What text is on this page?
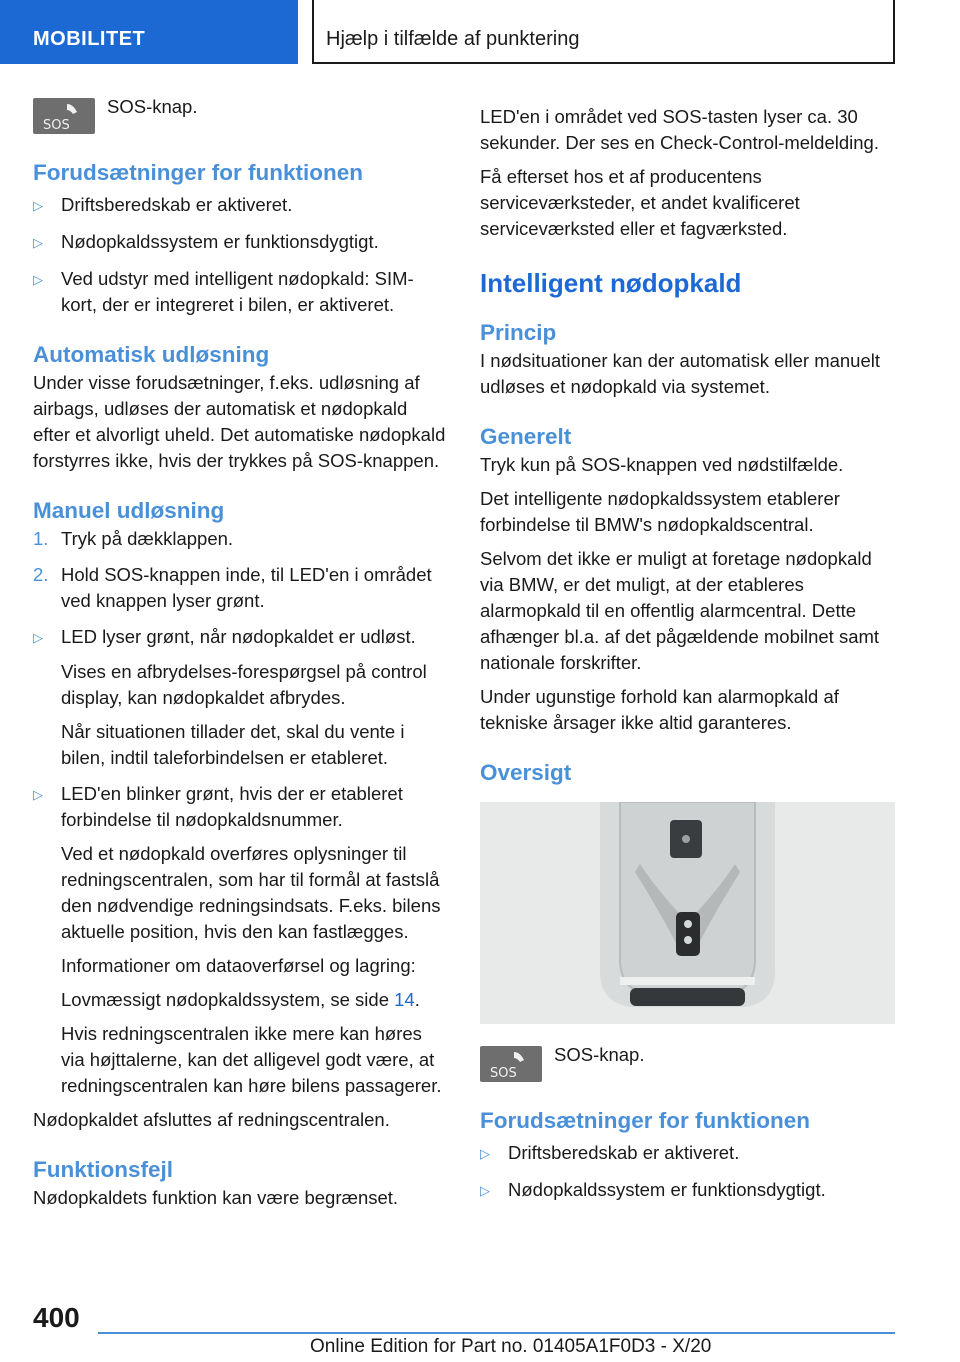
MOBILITET	Hjælp i tilfælde af punktering
SOS
SOS-knap.
Forudsætninger for funktionen
▷ Driftsberedskab er aktiveret.
▷ Nødopkaldssystem er funktionsdygtigt.
▷ Ved udstyr med intelligent nødopkald: SIM-kort, der er integreret i bilen, er aktiveret.
Automatisk udløsning
Under visse forudsætninger, f.eks. udløsning af airbags, udløses der automatisk et nødopkald efter et alvorligt uheld. Det automatiske nødopkald forstyrres ikke, hvis der trykkes på SOS-knappen.
Manuel udløsning
1. Tryk på dækklappen.
2. Hold SOS-knappen inde, til LED'en i området ved knappen lyser grønt.
▷ LED lyser grønt, når nødopkaldet er udløst.
Vises en afbrydelses-forespørgsel på control display, kan nødopkaldet afbrydes.
Når situationen tillader det, skal du vente i bilen, indtil taleforbindelsen er etableret.
▷ LED'en blinker grønt, hvis der er etableret forbindelse til nødopkaldsnummer.
Ved et nødopkald overføres oplysninger til redningscentralen, som har til formål at fastslå den nødvendige redningsindsats. F.eks. bilens aktuelle position, hvis den kan fastlægges.
Informationer om dataoverførsel og lagring:
Lovmæssigt nødopkaldssystem, se side 14.
Hvis redningscentralen ikke mere kan høres via højttalerne, kan det alligevel godt være, at redningscentralen kan høre bilens passagerer.
Nødopkaldet afsluttes af redningscentralen.
Funktionsfejl
Nødopkaldets funktion kan være begrænset.
LED'en i området ved SOS-tasten lyser ca. 30 sekunder. Der ses en Check-Control-meldelding.
Få efterset hos et af producentens serviceværksteder, et andet kvalificeret serviceværksted eller et fagværksted.
Intelligent nødopkald
Princip
I nødsituationer kan der automatisk eller manuelt udløses et nødopkald via systemet.
Generelt
Tryk kun på SOS-knappen ved nødstilfælde.
Det intelligente nødopkaldssystem etablerer forbindelse til BMW's nødopkaldscentral.
Selvom det ikke er muligt at foretage nødopkald via BMW, er det muligt, at der etableres alarmopkald til en offentlig alarmcentral. Dette afhænger bl.a. af det pågældende mobilnet samt nationale forskrifter.
Under ugunstige forhold kan alarmopkald af tekniske årsager ikke altid garanteres.
Oversigt
SOS
SOS-knap.
Forudsætninger for funktionen
▷ Driftsberedskab er aktiveret.
▷ Nødopkaldssystem er funktionsdygtigt.
400
Online Edition for Part no. 01405A1F0D3 - X/20
